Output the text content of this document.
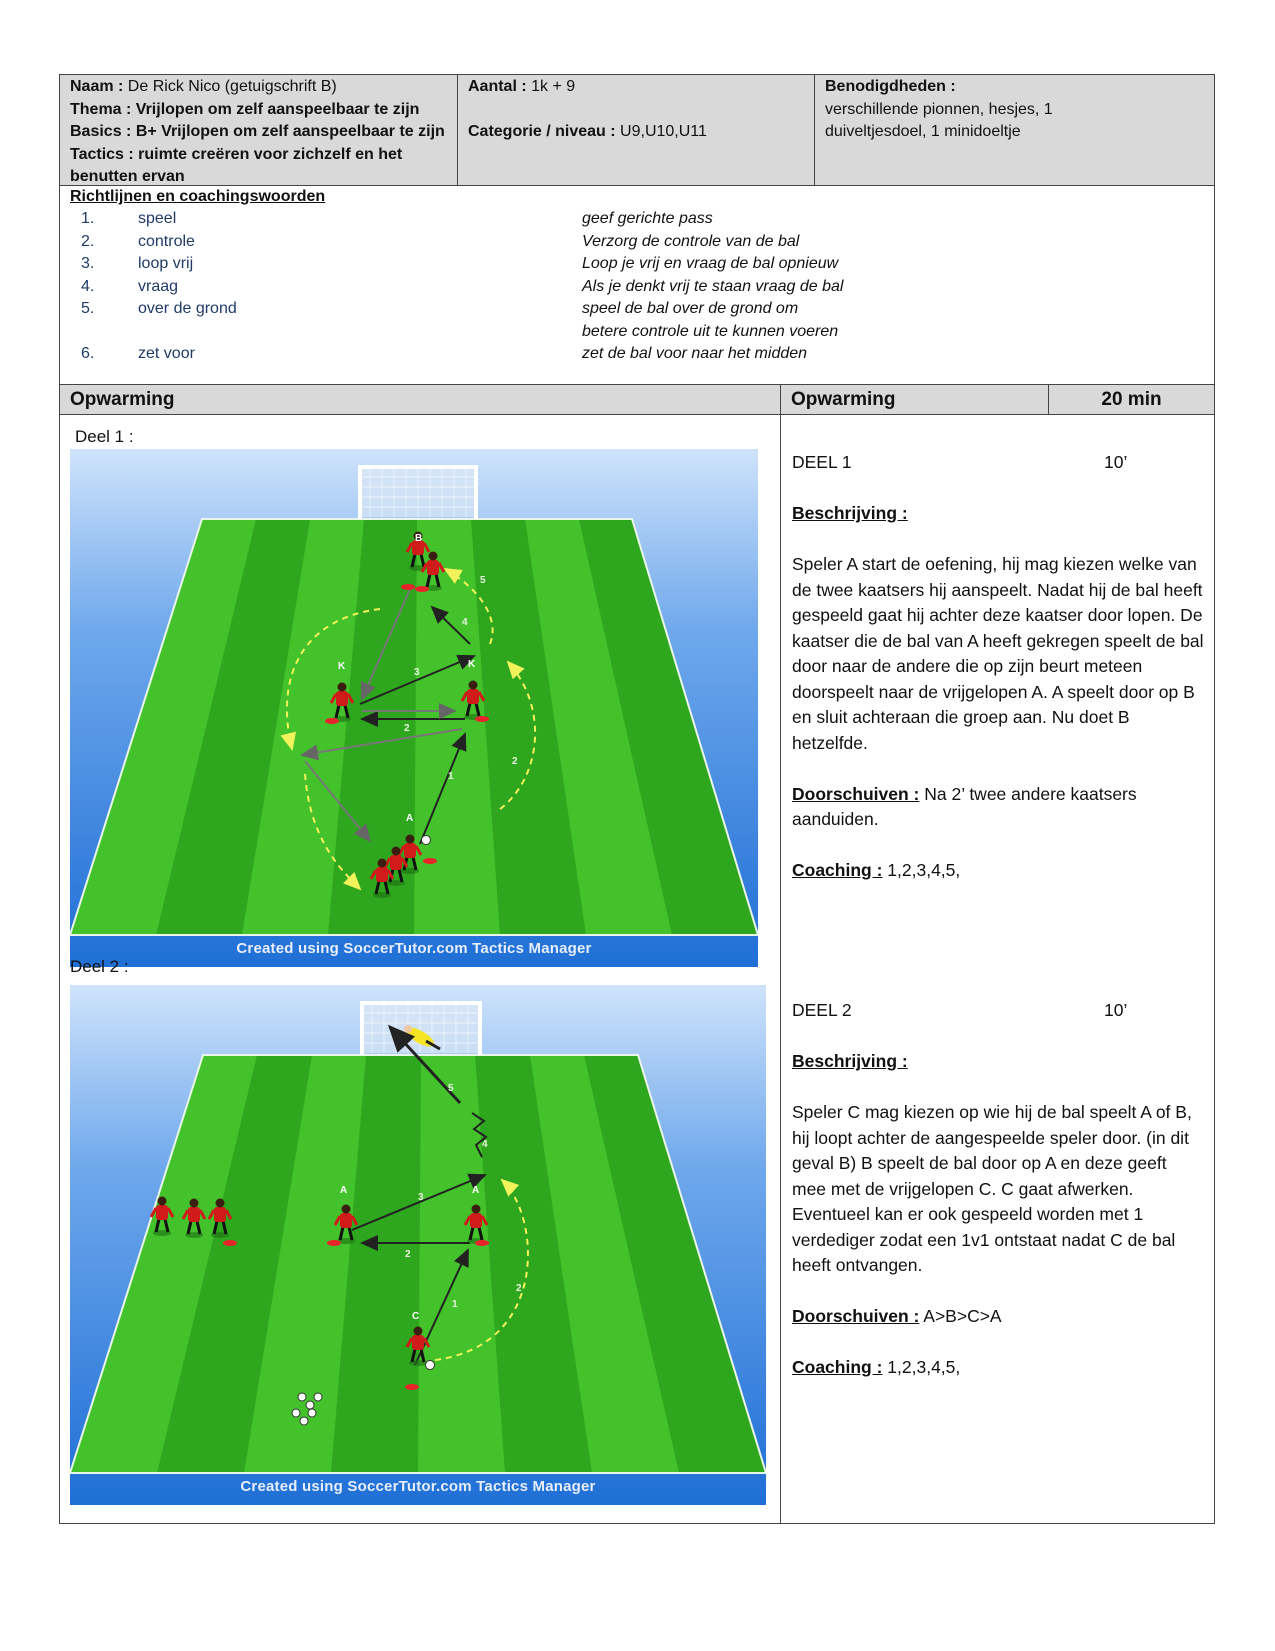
Naam : De Rick Nico (getuigschrift B)
Thema : Vrijlopen om zelf aanspeelbaar te zijn
Basics : B+ Vrijlopen om zelf aanspeelbaar te zijn
Tactics : ruimte creëren voor zichzelf en het benutten ervan
Aantal : 1k + 9
Categorie / niveau : U9,U10,U11
Benodigdheden :
verschillende pionnen, hesjes, 1 duiveltjesdoel, 1 minidoeltje
Richtlijnen en coachingswoorden
1.	speel	geef gerichte pass
2.	controle	Verzorg de controle van de bal
3.	loop vrij	Loop je vrij en vraag de bal opnieuw
4.	vraag	Als je denkt vrij te staan vraag de bal
5.	over de grond	speel de bal over de grond om
betere controle uit te kunnen voeren
6.	zet voor	zet de bal voor naar het midden
Opwarming	Opwarming	20 min
Deel 1 :
B
K	K
A
1
2
2
3
4
5
Created using SoccerTutor.com Tactics Manager
Deel 2 :
A	A
C
1
2
2
3
4
5
Created using SoccerTutor.com Tactics Manager
DEEL 1	10’
Beschrijving :
Speler A start de oefening, hij mag kiezen welke van de twee kaatsers hij aanspeelt. Nadat hij de bal heeft gespeeld gaat hij achter deze kaatser door lopen. De kaatser die de bal van A heeft gekregen speelt de bal door naar de andere die op zijn beurt meteen doorspeelt naar de vrijgelopen A. A speelt door op B en sluit achteraan die groep aan. Nu doet B hetzelfde.
Doorschuiven : Na 2’ twee andere kaatsers aanduiden.
Coaching : 1,2,3,4,5,
DEEL 2	10’
Beschrijving :
Speler C mag kiezen op wie hij de bal speelt A of B, hij loopt achter de aangespeelde speler door. (in dit geval B) B speelt de bal door op A en deze geeft mee met de vrijgelopen C. C gaat afwerken.
Eventueel kan er ook gespeeld worden met 1 verdediger zodat een 1v1 ontstaat nadat C de bal heeft ontvangen.
Doorschuiven : A>B>C>A
Coaching : 1,2,3,4,5,
